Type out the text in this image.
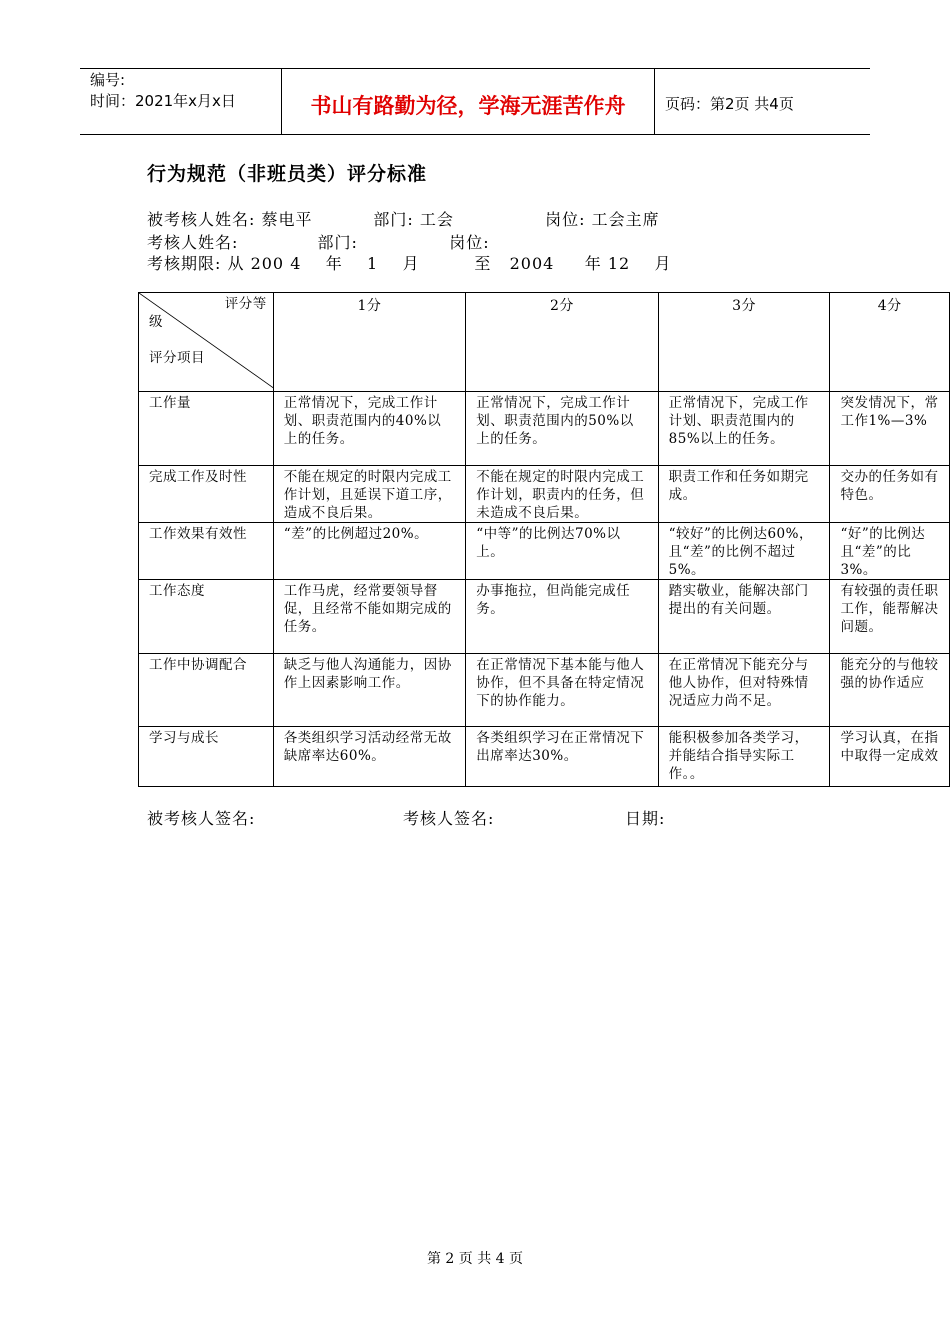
编号:
时间：2021年x月x日	书山有路勤为径，学海无涯苦作舟	页码：第2页 共4页
行为规范（非班员类）评分标准
被考核人姓名: 蔡电平          部门: 工会               岗位: 工会主席
考核人姓名:             部门:               岗位:
考核期限: 从 200 4    年    1    月         至   2004     年 12    月
评分等
级
评分项目	1分	2分	3分	4分
工作量	正常情况下，完成工作计划、职责范围内的40%以上的任务。	正常情况下，完成工作计划、职责范围内的50%以上的任务。	正常情况下，完成工作计划、职责范围内的85%以上的任务。	突发情况下，常工作1%—3%
完成工作及时性	不能在规定的时限内完成工作计划，且延误下道工序，造成不良后果。	不能在规定的时限内完成工作计划，职责内的任务，但未造成不良后果。	职责工作和任务如期完成。	交办的任务如有特色。
工作效果有效性	“差”的比例超过20%。	“中等”的比例达70%以上。	“较好”的比例达60%，且“差”的比例不超过5%。	“好”的比例达且“差”的比3%。
工作态度	工作马虎，经常要领导督促，且经常不能如期完成的任务。	办事拖拉，但尚能完成任务。	踏实敬业，能解决部门提出的有关问题。	有较强的责任职工作，能帮解决问题。
工作中协调配合	缺乏与他人沟通能力，因协作上因素影响工作。	在正常情况下基本能与他人协作，但不具备在特定情况下的协作能力。	在正常情况下能充分与他人协作，但对特殊情况适应力尚不足。	能充分的与他较强的协作适应
学习与成长	各类组织学习活动经常无故缺席率达60%。	各类组织学习在正常情况下出席率达30%。	能积极参加各类学习，并能结合指导实际工作。。	学习认真，在指中取得一定成效
被考核人签名:	考核人签名:	日期:
第 2 页 共 4 页
